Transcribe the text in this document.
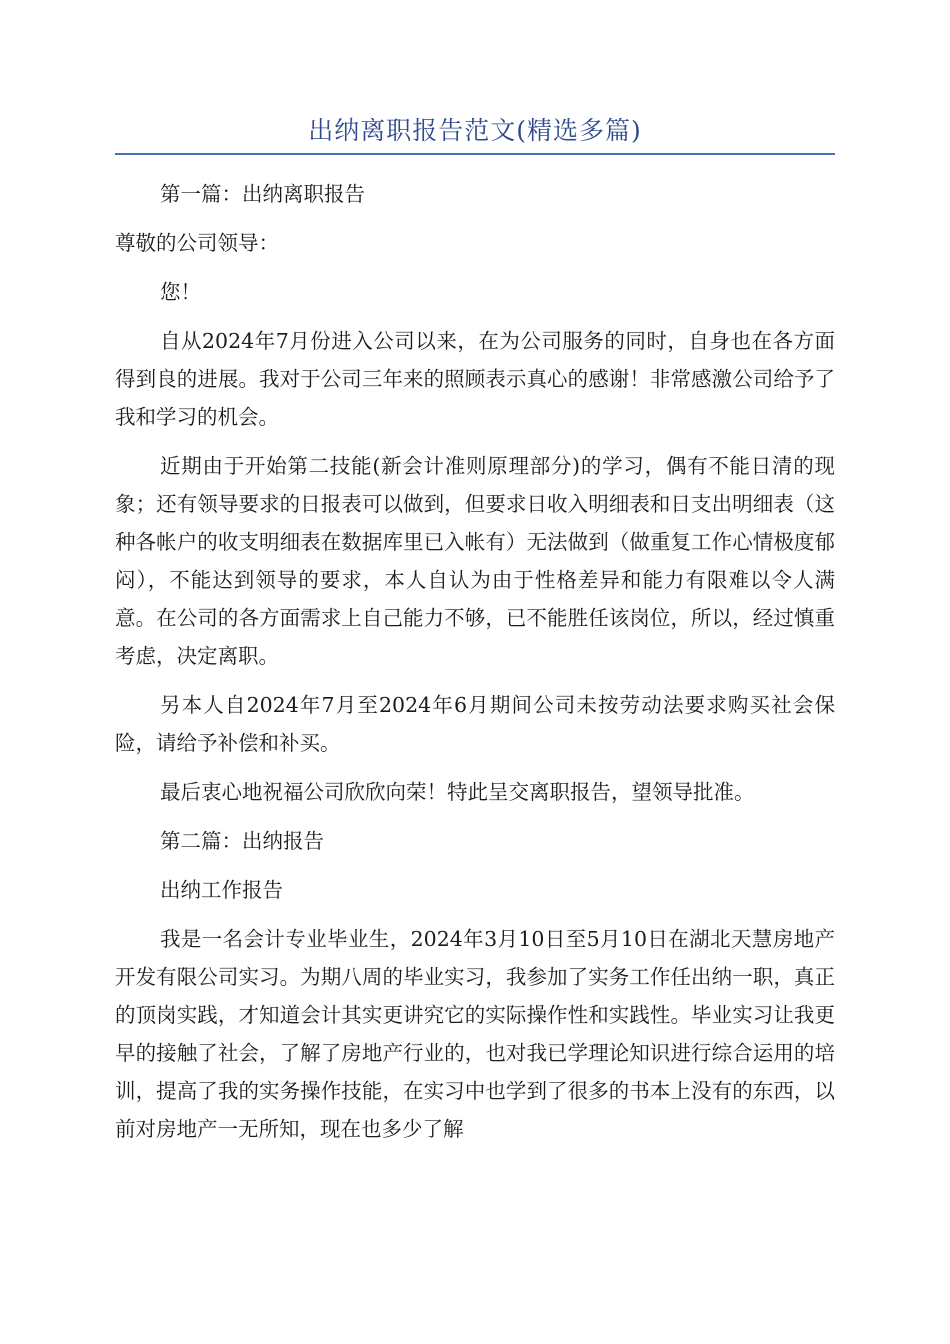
出纳离职报告范文(精选多篇)

第一篇：出纳离职报告

尊敬的公司领导：

您！

自从2024年7月份进入公司以来，在为公司服务的同时，自身也在各方面得到良的进展。我对于公司三年来的照顾表示真心的感谢！非常感激公司给予了我和学习的机会。

近期由于开始第二技能(新会计准则原理部分)的学习，偶有不能日清的现象；还有领导要求的日报表可以做到，但要求日收入明细表和日支出明细表（这种各帐户的收支明细表在数据库里已入帐有）无法做到（做重复工作心情极度郁闷），不能达到领导的要求，本人自认为由于性格差异和能力有限难以令人满意。在公司的各方面需求上自己能力不够，已不能胜任该岗位，所以，经过慎重考虑，决定离职。

另本人自2024年7月至2024年6月期间公司未按劳动法要求购买社会保险，请给予补偿和补买。

最后衷心地祝福公司欣欣向荣！特此呈交离职报告，望领导批准。

第二篇：出纳报告

出纳工作报告

我是一名会计专业毕业生，2024年3月10日至5月10日在湖北天慧房地产开发有限公司实习。为期八周的毕业实习，我参加了实务工作任出纳一职，真正的顶岗实践，才知道会计其实更讲究它的实际操作性和实践性。毕业实习让我更早的接触了社会，了解了房地产行业的，也对我已学理论知识进行综合运用的培训，提高了我的实务操作技能，在实习中也学到了很多的书本上没有的东西，以前对房地产一无所知，现在也多少了解
